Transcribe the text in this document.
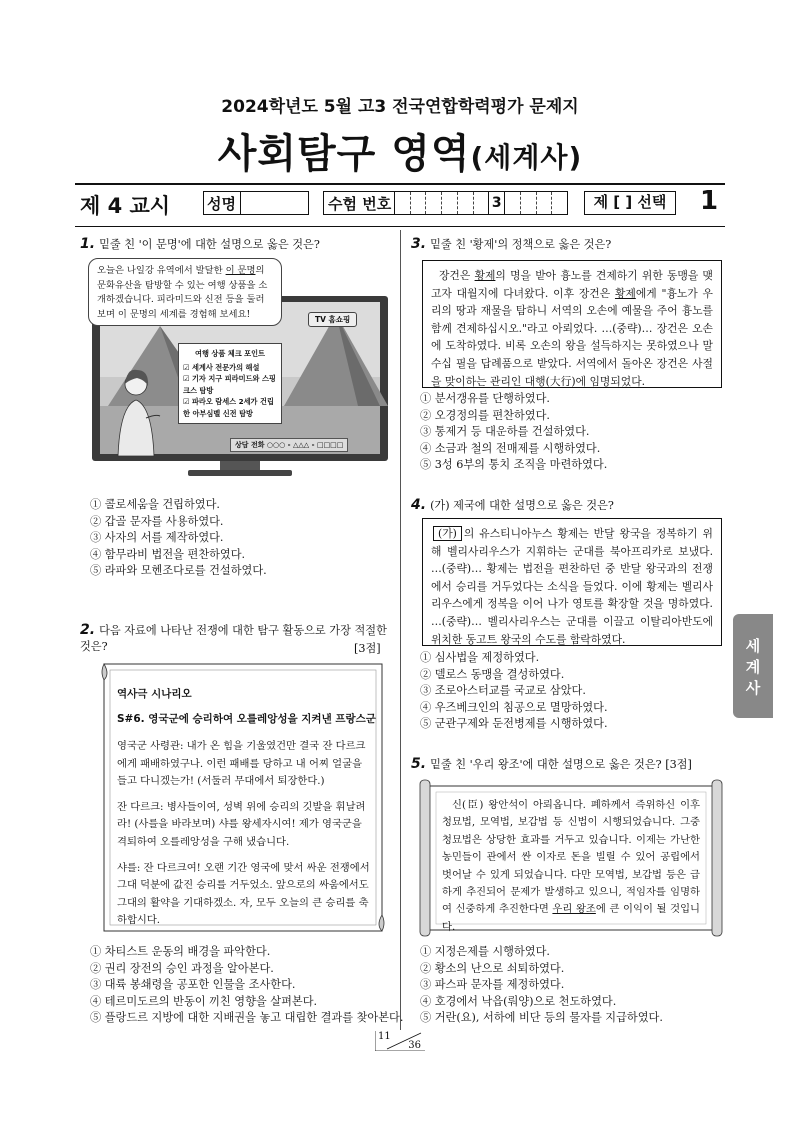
2024학년도 5월 고3 전국연합학력평가 문제지
사회탐구 영역(세계사)
제 4 교시 성명	수험 번호	3	제 [ ] 선택	1
1. 밑줄 친 '이 문명'에 대한 설명으로 옳은 것은?
오늘은 나일강 유역에서 발달한 이 문명의 문화유산을 탐방할 수 있는 여행 상품을 소개하겠습니다. 피라미드와 신전 등을 둘러보며 이 문명의 세계를 경험해 보세요!	TV 홈쇼핑
여행 상품 체크 포인트
☑ 세계사 전문가의 해설
☑ 기자 지구 피라미드와 스핑크스 탐방
☑ 파라오 람세스 2세가 건립한 아부심벨 신전 탐방
상담 전화 ○○○ - △△△ - □□□□
① 콜로세움을 건립하였다.
② 갑골 문자를 사용하였다.
③ 사자의 서를 제작하였다.
④ 함무라비 법전을 편찬하였다.
⑤ 라파와 모헨조다로를 건설하였다.
2. 다음 자료에 나타난 전쟁에 대한 탐구 활동으로 가장 적절한 것은?	[3점]
역사극 시나리오
S#6. 영국군에 승리하여 오를레앙성을 지켜낸 프랑스군
영국군 사령관: 내가 온 힘을 기울였건만 결국 잔 다르크에게 패배하였구나. 이런 패배를 당하고 내 어찌 얼굴을 들고 다니겠는가! (서둘러 무대에서 퇴장한다.)
잔 다르크: 병사들이여, 성벽 위에 승리의 깃발을 휘날려라! (사를을 바라보며) 샤를 왕세자시여! 제가 영국군을 격퇴하여 오를레앙성을 구해 냈습니다.
샤를: 잔 다르크여! 오랜 기간 영국에 맞서 싸운 전쟁에서 그대 덕분에 값진 승리를 거두었소. 앞으로의 싸움에서도 그대의 활약을 기대하겠소. 자, 모두 오늘의 큰 승리를 축하합시다.
① 차티스트 운동의 배경을 파악한다.
② 권리 장전의 승인 과정을 알아본다.
③ 대륙 봉쇄령을 공포한 인물을 조사한다.
④ 테르미도르의 반동이 끼친 영향을 살펴본다.
⑤ 플랑드르 지방에 대한 지배권을 놓고 대립한 결과를 찾아본다.
3. 밑줄 친 '황제'의 정책으로 옳은 것은?
장건은 황제의 명을 받아 흉노를 견제하기 위한 동맹을 맺고자 대월지에 다녀왔다. 이후 장건은 황제에게 "흉노가 우리의 땅과 재물을 탐하니 서역의 오손에 예물을 주어 흉노를 함께 견제하십시오."라고 아뢰었다. …(중략)… 장건은 오손에 도착하였다. 비록 오손의 왕을 설득하지는 못하였으나 말 수십 필을 답례품으로 받았다. 서역에서 돌아온 장건은 사절을 맞이하는 관리인 대행(大行)에 임명되었다.
① 분서갱유를 단행하였다.
② 오경정의를 편찬하였다.
③ 통제거 등 대운하를 건설하였다.
④ 소금과 철의 전매제를 시행하였다.
⑤ 3성 6부의 통치 조직을 마련하였다.
4. (가) 제국에 대한 설명으로 옳은 것은?
(가) 의 유스티니아누스 황제는 반달 왕국을 정복하기 위해 벨리사리우스가 지휘하는 군대를 북아프리카로 보냈다. …(중략)… 황제는 법전을 편찬하던 중 반달 왕국과의 전쟁에서 승리를 거두었다는 소식을 들었다. 이에 황제는 벨리사리우스에게 정복을 이어 나가 영토를 확장할 것을 명하였다. …(중략)… 벨리사리우스는 군대를 이끌고 이탈리아반도에 위치한 동고트 왕국의 수도를 함락하였다.
① 심사법을 제정하였다.
② 델로스 동맹을 결성하였다.
③ 조로아스터교를 국교로 삼았다.
④ 우즈베크인의 침공으로 멸망하였다.
⑤ 군관구제와 둔전병제를 시행하였다.
5. 밑줄 친 '우리 왕조'에 대한 설명으로 옳은 것은? [3점]
신(臣) 왕안석이 아뢰옵니다. 폐하께서 즉위하신 이후 청묘법, 모역법, 보갑법 등 신법이 시행되었습니다. 그중 청묘법은 상당한 효과를 거두고 있습니다. 이제는 가난한 농민들이 관에서 싼 이자로 돈을 빌릴 수 있어 공립에서 벗어날 수 있게 되었습니다. 다만 모역법, 보갑법 등은 급하게 추진되어 문제가 발생하고 있으니, 적임자를 임명하여 신중하게 추진한다면 우리 왕조에 큰 이익이 될 것입니다.
① 지정은제를 시행하였다.
② 황소의 난으로 쇠퇴하였다.
③ 파스파 문자를 제정하였다.
④ 호경에서 낙읍(뤄양)으로 천도하였다.
⑤ 거란(요), 서하에 비단 등의 물자를 지급하였다.
세
계
사
11
36
